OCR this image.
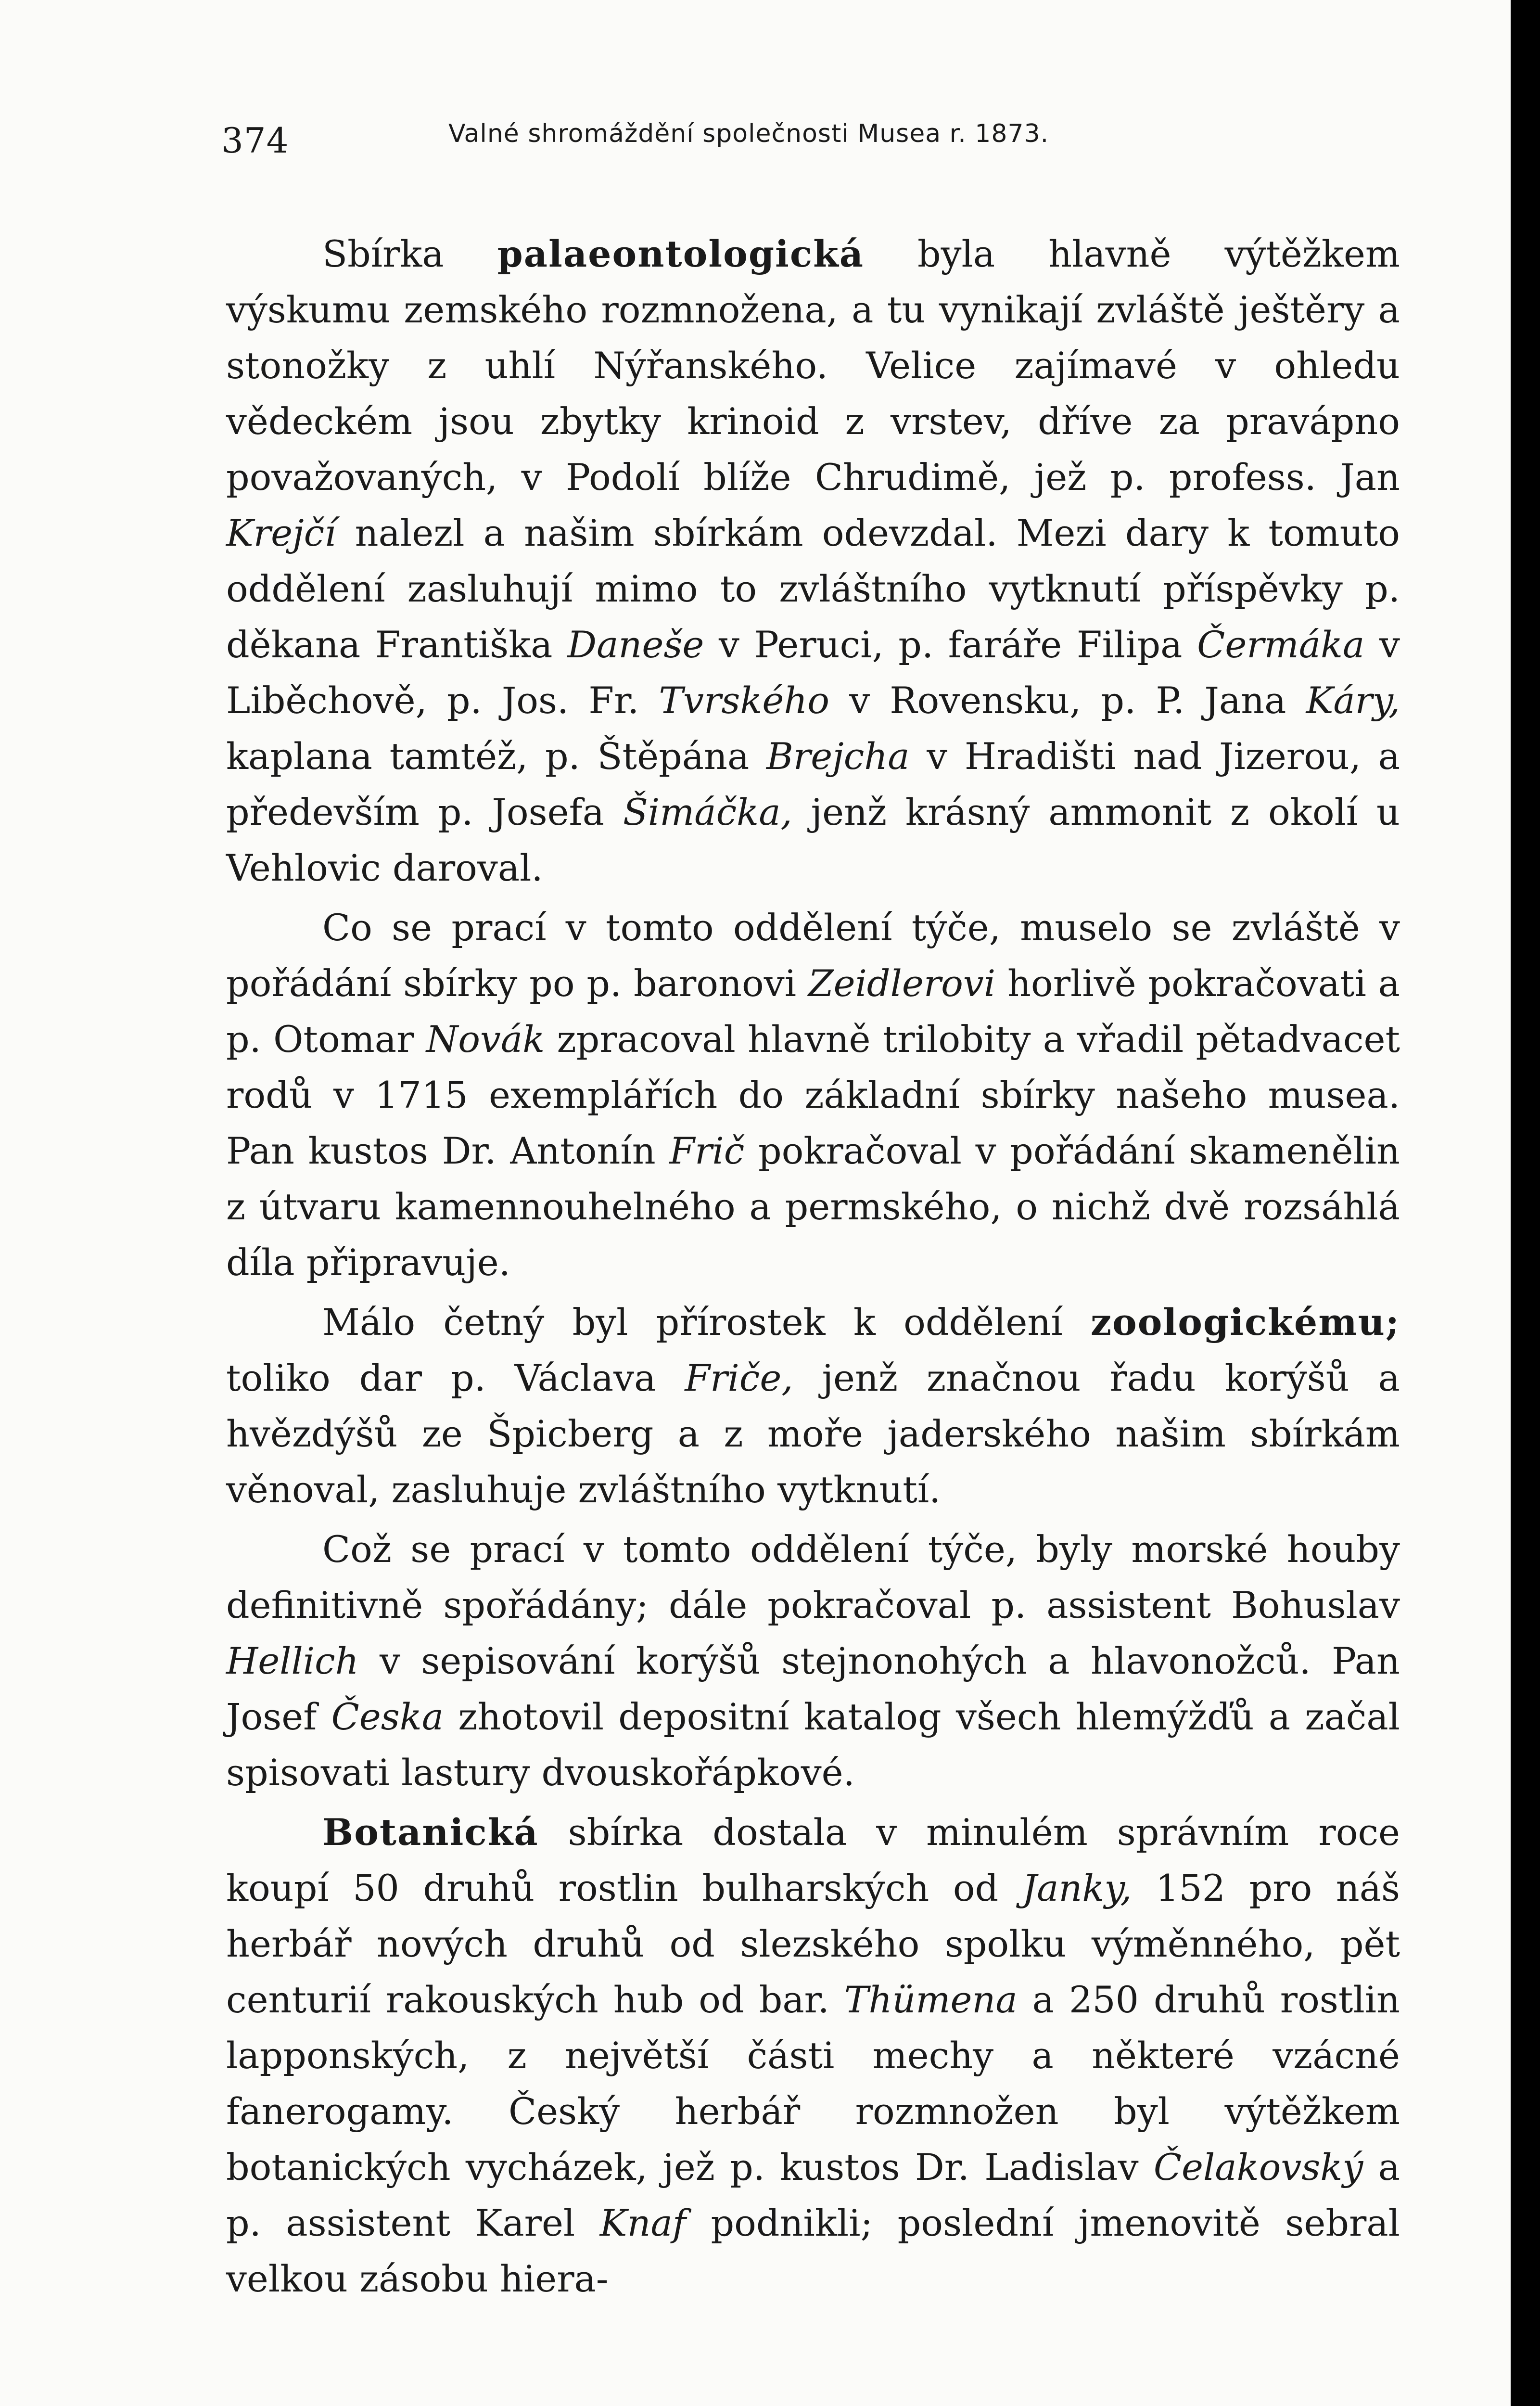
374	Valné shromáždění společnosti Musea r. 1873.

Sbírka palaeontologická byla hlavně výtěžkem výskumu zemského rozmnožena, a tu vynikají zvláště ještěry a stonožky z uhlí Nýřanského. Velice zajímavé v ohledu vědeckém jsou zbytky krinoid z vrstev, dříve za pravápno považovaných, v Podolí blíže Chrudimě, jež p. profess. Jan Krejčí nalezl a našim sbírkám odevzdal. Mezi dary k tomuto oddělení zasluhují mimo to zvláštního vytknutí příspěvky p. děkana Františka Daneše v Peruci, p. faráře Filipa Čermáka v Liběchově, p. Jos. Fr. Tvrského v Rovensku, p. P. Jana Káry, kaplana tamtéž, p. Štěpána Brejcha v Hradišti nad Jizerou, a především p. Josefa Šimáčka, jenž krásný ammonit z okolí u Vehlovic daroval.

Co se prací v tomto oddělení týče, muselo se zvláště v pořádání sbírky po p. baronovi Zeidlerovi horlivě pokračovati a p. Otomar Novák zpracoval hlavně trilobity a vřadil pětadvacet rodů v 1715 exemplářích do základní sbírky našeho musea. Pan kustos Dr. Antonín Frič pokračoval v pořádání skamenělin z útvaru kamennouhelného a permského, o nichž dvě rozsáhlá díla připravuje.

Málo četný byl přírostek k oddělení zoologickému; toliko dar p. Václava Friče, jenž značnou řadu korýšů a hvězdýšů ze Špicberg a z moře jaderského našim sbírkám věnoval, zasluhuje zvláštního vytknutí.

Což se prací v tomto oddělení týče, byly morské houby definitivně spořádány; dále pokračoval p. assistent Bohuslav Hellich v sepisování korýšů stejnonohých a hlavonožců. Pan Josef Česka zhotovil depositní katalog všech hlemýžďů a začal spisovati lastury dvouskořápkové.

Botanická sbírka dostala v minulém správním roce koupí 50 druhů rostlin bulharských od Janky, 152 pro náš herbář nových druhů od slezského spolku výměnného, pět centurií rakouských hub od bar. Thümena a 250 druhů rostlin lapponských, z největší části mechy a některé vzácné fanerogamy. Český herbář rozmnožen byl výtěžkem botanických vycházek, jež p. kustos Dr. Ladislav Čelakovský a p. assistent Karel Knaf podnikli; poslední jmenovitě sebral velkou zásobu hiera-
